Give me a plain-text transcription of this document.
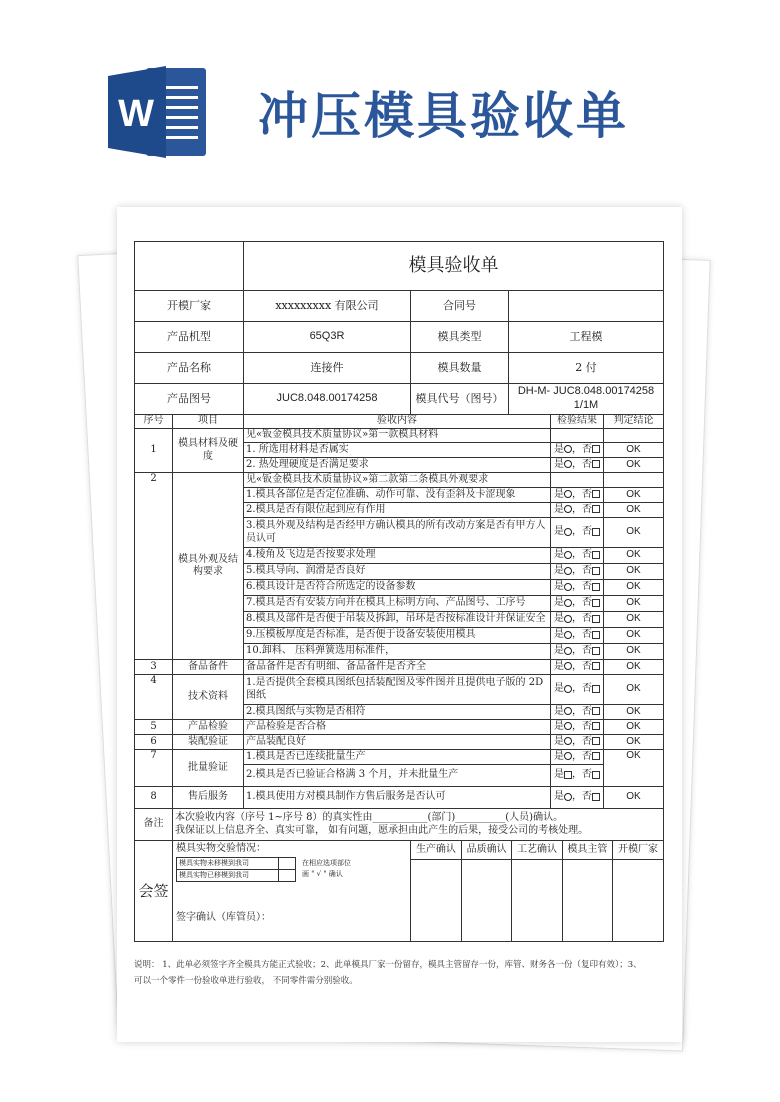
W 冲压模具验收单
	模具验收单
开模厂家	xxxxxxxxx 有限公司	合同号	
产品机型	65Q3R	模具类型	工程模
产品名称	连接件	模具数量	2 付
产品图号	JUC8.048.00174258	模具代号（图号）	DH-M- JUC8.048.00174258 1/1M
序号	项目	验收内容	检验结果	判定结论
1	模具材料及硬度	见«钣金模具技术质量协议»第一款模具材料		
1. 所选用材料是否属实	是 ，否	OK
2. 热处理硬度是否满足要求	是 ，否	OK
2	模具外观及结构要求	见«钣金模具技术质量协议»第二款第二条模具外观要求		
1.模具各部位是否定位准确、动作可靠、没有歪斜及卡涩现象	是 ，否	OK
2.模具是否有限位起到应有作用	是 ，否	OK
3.模具外观及结构是否经甲方确认模具的所有改动方案是否有甲方人员认可	是 ，否	OK
4.棱角及飞边是否按要求处理	是 ，否	OK
5.模具导向、润滑是否良好	是 ，否	OK
6.模具设计是否符合所选定的设备参数	是 ，否	OK
7.模具是否有安装方向并在模具上标明方向、产品图号、工序号	是 ，否	OK
8.模具及部件是否便于吊装及拆卸，吊环是否按标准设计并保证安全	是 ，否	OK
9.压模板厚度是否标准，是否便于设备安装使用模具	是 ，否	OK
10.卸料、 压料弹簧选用标准件，	是 ，否	OK
3	备品备件	备品备件是否有明细、备品备件是否齐全	是 ，否	OK
4	技术资料	1.是否提供全套模具图纸包括装配图及零件图并且提供电子版的 2D 图纸	是 ，否	OK
2.模具图纸与实物是否相符	是 ，否	OK
5	产品检验	产品检验是否合格	是 ，否	OK
6	装配验证	产品装配良好	是 ，否	OK
7	批量验证	1.模具是否已连续批量生产	是 ，否	OK
2.模具是否已验证合格满 3 个月，并未批量生产	是 ，否
8	售后服务	1.模具使用方对模具制作方售后服务是否认可	是 ，否	OK
备注	
本次验收内容（序号 1~序号 8）的真实性由___________(部门)__________(人员)确认。
我保证以上信息齐全、真实可靠， 如有问题，愿承担由此产生的后果，接受公司的考核处理。

会签	
模具实物交验情况：
模具实物未移模到我司	
模具实物已移模到我司	
在相应选项部位
画 " √ " 确认
签字确认（库管员）：

生产确认	品质确认	工艺确认	模具主管	开模厂家

说明： 1、此单必须签字齐全模具方能正式验收；2、此单模具厂家一份留存，模具主管留存一份，库管、财务各一份（复印有效）；3、
可以一个零件一份验收单进行验收， 不同零件需分别验收。
